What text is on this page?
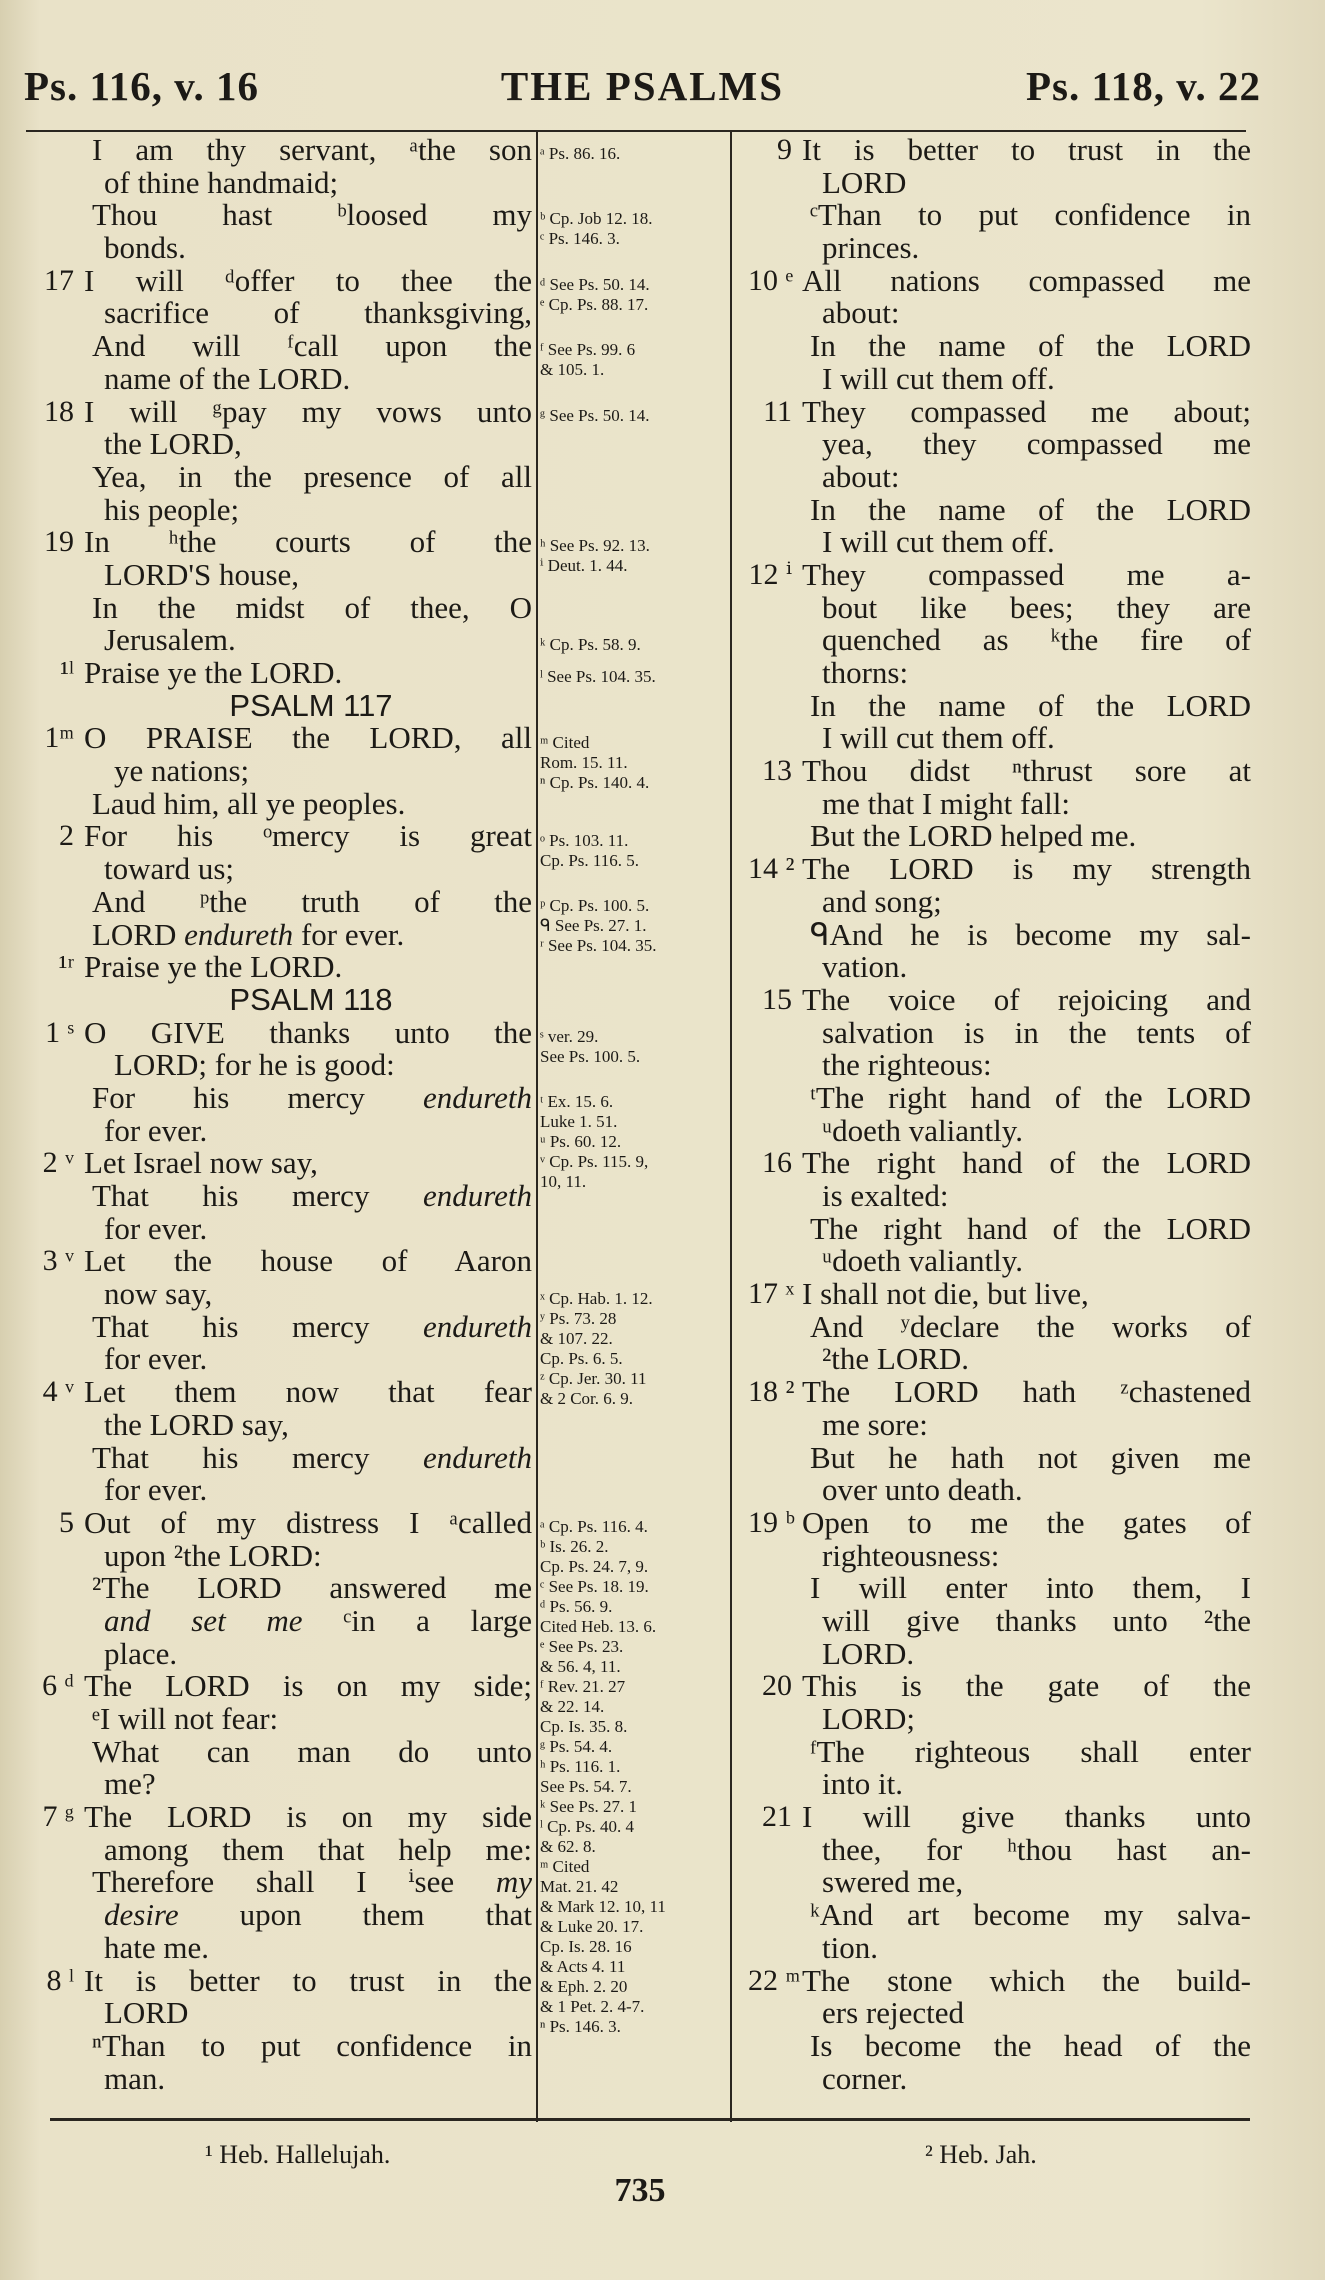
Ps. 116, v. 16	THE PSALMS	Ps. 118, v. 22
I am thy servant, ᵃthe son
of thine handmaid;
Thou hast ᵇloosed my
bonds.
17 I will ᵈoffer to thee the
sacrifice of thanksgiving,
And will ᶠcall upon the
name of the LORD.
18 I will ᵍpay my vows unto
the LORD,
Yea, in the presence of all
his people;
19 In ʰthe courts of the
LORD'S house,
In the midst of thee, O
Jerusalem.
¹ˡ Praise ye the LORD.
PSALM 117
1ᵐ O PRAISE the LORD, all
ye nations;
Laud him, all ye peoples.
2 For his ᵒmercy is great
toward us;
And ᵖthe truth of the
LORD endureth for ever.
¹ʳ Praise ye the LORD.
PSALM 118
1 ˢ O GIVE thanks unto the
LORD; for he is good:
For his mercy endureth
for ever.
2 ᵛ Let Israel now say,
That his mercy endureth
for ever.
3 ᵛ Let the house of Aaron
now say,
That his mercy endureth
for ever.
4 ᵛ Let them now that fear
the LORD say,
That his mercy endureth
for ever.
5 Out of my distress I ᵃcalled
upon ²the LORD:
²The LORD answered me
and set me ᶜin a large
place.
6 ᵈ The LORD is on my side;
ᵉI will not fear:
What can man do unto
me?
7 ᵍ The LORD is on my side
among them that help me:
Therefore shall I ⁱsee my
desire upon them that
hate me.
8 ˡ It is better to trust in the
LORD
ⁿThan to put confidence in
man.
ᵃ Ps. 86. 16.
ᵇ Cp. Job 12. 18.
ᶜ Ps. 146. 3.
ᵈ See Ps. 50. 14.
ᵉ Cp. Ps. 88. 17.
ᶠ See Ps. 99. 6
& 105. 1.
ᵍ See Ps. 50. 14.
ʰ See Ps. 92. 13.
ⁱ Deut. 1. 44.
ᵏ Cp. Ps. 58. 9.
ˡ See Ps. 104. 35.
ᵐ Cited
Rom. 15. 11.
ⁿ Cp. Ps. 140. 4.
ᵒ Ps. 103. 11.
Cp. Ps. 116. 5.
ᵖ Cp. Ps. 100. 5.
ᑫ See Ps. 27. 1.
ʳ See Ps. 104. 35.
ˢ ver. 29.
See Ps. 100. 5.
ᵗ Ex. 15. 6.
Luke 1. 51.
ᵘ Ps. 60. 12.
ᵛ Cp. Ps. 115. 9,
10, 11.
ˣ Cp. Hab. 1. 12.
ʸ Ps. 73. 28
& 107. 22.
Cp. Ps. 6. 5.
ᶻ Cp. Jer. 30. 11
& 2 Cor. 6. 9.
ᵃ Cp. Ps. 116. 4.
ᵇ Is. 26. 2.
Cp. Ps. 24. 7, 9.
ᶜ See Ps. 18. 19.
ᵈ Ps. 56. 9.
Cited Heb. 13. 6.
ᵉ See Ps. 23.
& 56. 4, 11.
ᶠ Rev. 21. 27
& 22. 14.
Cp. Is. 35. 8.
ᵍ Ps. 54. 4.
ʰ Ps. 116. 1.
See Ps. 54. 7.
ᵏ See Ps. 27. 1
ˡ Cp. Ps. 40. 4
& 62. 8.
ᵐ Cited
Mat. 21. 42
& Mark 12. 10, 11
& Luke 20. 17.
Cp. Is. 28. 16
& Acts 4. 11
& Eph. 2. 20
& 1 Pet. 2. 4-7.
ⁿ Ps. 146. 3.
9 It is better to trust in the
LORD
ᶜThan to put confidence in
princes.
10 ᵉ All nations compassed me
about:
In the name of the LORD
I will cut them off.
11 They compassed me about;
yea, they compassed me
about:
In the name of the LORD
I will cut them off.
12 ⁱ They compassed me a-
bout like bees; they are
quenched as ᵏthe fire of
thorns:
In the name of the LORD
I will cut them off.
13 Thou didst ⁿthrust sore at
me that I might fall:
But the LORD helped me.
14 ² The LORD is my strength
and song;
ᑫAnd he is become my sal-
vation.
15 The voice of rejoicing and
salvation is in the tents of
the righteous:
ᵗThe right hand of the LORD
ᵘdoeth valiantly.
16 The right hand of the LORD
is exalted:
The right hand of the LORD
ᵘdoeth valiantly.
17 ˣ I shall not die, but live,
And ʸdeclare the works of
²the LORD.
18 ² The LORD hath ᶻchastened
me sore:
But he hath not given me
over unto death.
19 ᵇ Open to me the gates of
righteousness:
I will enter into them, I
will give thanks unto ²the
LORD.
20 This is the gate of the
LORD;
ᶠThe righteous shall enter
into it.
21 I will give thanks unto
thee, for ʰthou hast an-
swered me,
ᵏAnd art become my salva-
tion.
22 ᵐ The stone which the build-
ers rejected
Is become the head of the
corner.
¹ Heb. Hallelujah.	² Heb. Jah.
735
